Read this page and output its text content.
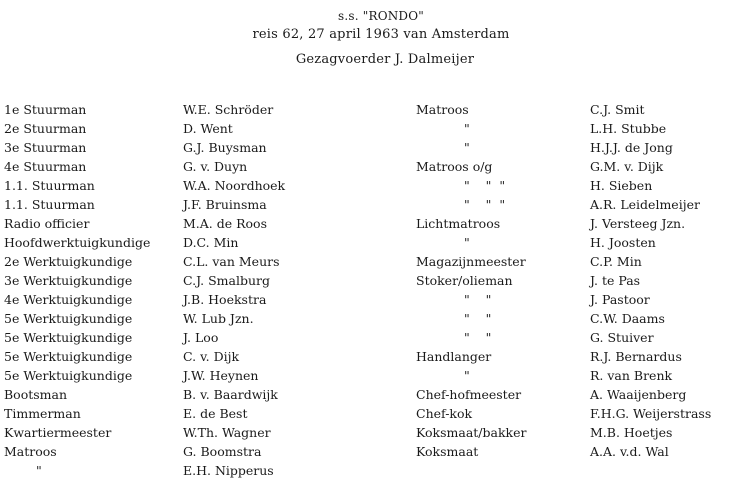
s.s. "RONDO"
reis 62, 27 april 1963 van Amsterdam
Gezagvoerder J. Dalmeijer
1e Stuurman
2e Stuurman
3e Stuurman
4e Stuurman
1.1. Stuurman
1.1. Stuurman
Radio officier
Hoofdwerktuigkundige
2e Werktuigkundige
3e Werktuigkundige
4e Werktuigkundige
5e Werktuigkundige
5e Werktuigkundige
5e Werktuigkundige
5e Werktuigkundige
Bootsman
Timmerman
Kwartiermeester
Matroos
"
W.E. Schröder
D. Went
G.J. Buysman
G. v. Duyn
W.A. Noordhoek
J.F. Bruinsma
M.A. de Roos
D.C. Min
C.L. van Meurs
C.J. Smalburg
J.B. Hoekstra
W. Lub Jzn.
J. Loo
C. v. Dijk
J.W. Heynen
B. v. Baardwijk
E. de Best
W.Th. Wagner
G. Boomstra
E.H. Nipperus
Matroos
"
"
Matroos o/g
"    "  "
"    "  "
Lichtmatroos
"
Magazijnmeester
Stoker/olieman
"    "
"    "
"    "
Handlanger
"
Chef-hofmeester
Chef-kok
Koksmaat/bakker
Koksmaat
C.J. Smit
L.H. Stubbe
H.J.J. de Jong
G.M. v. Dijk
H. Sieben
A.R. Leidelmeijer
J. Versteeg Jzn.
H. Joosten
C.P. Min
J. te Pas
J. Pastoor
C.W. Daams
G. Stuiver
R.J. Bernardus
R. van Brenk
A. Waaijenberg
F.H.G. Weijerstrass
M.B. Hoetjes
A.A. v.d. Wal
